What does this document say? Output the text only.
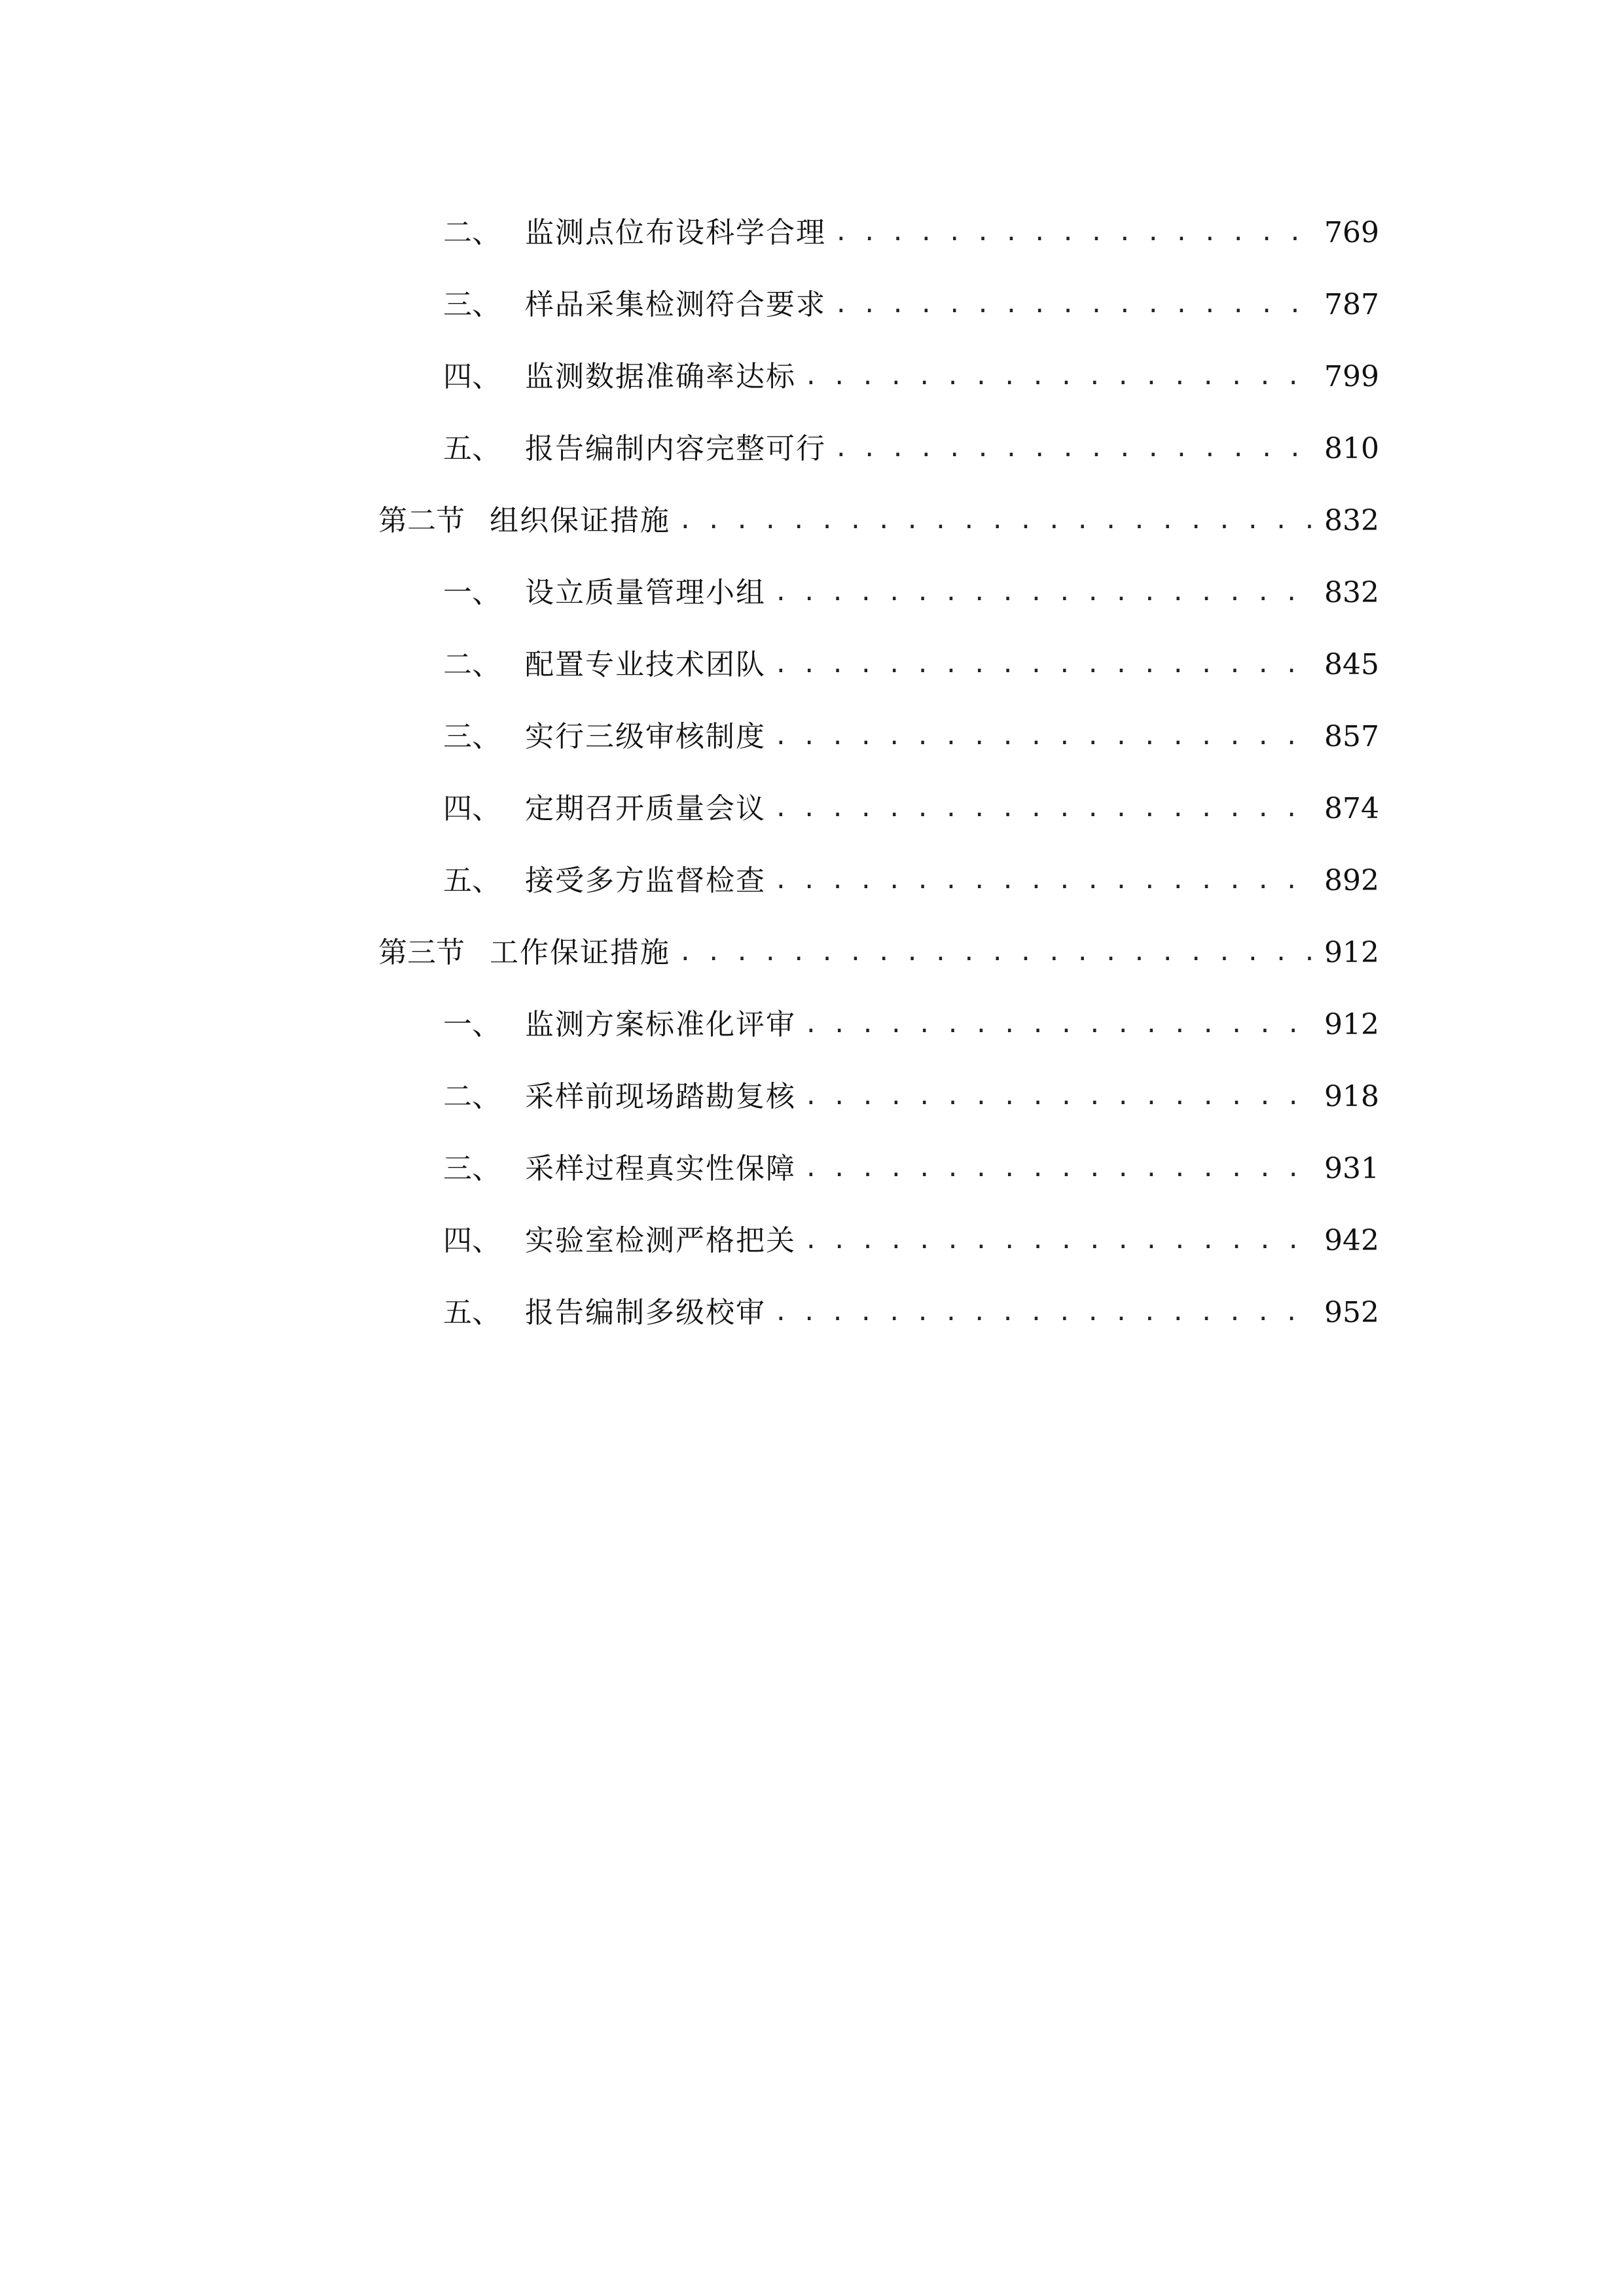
二、 监测点位布设科学合理 . . .	769
三、 样品采集检测符合要求 . . .	787
四、 监测数据准确率达标 . . .	799
五、 报告编制内容完整可行 . . .	810
第二节 组织保证措施 . . .	832
一、 设立质量管理小组 . . .	832
二、 配置专业技术团队 . . .	845
三、 实行三级审核制度 . . .	857
四、 定期召开质量会议 . . .	874
五、 接受多方监督检查 . . .	892
第三节 工作保证措施 . . .	912
一、 监测方案标准化评审 . . .	912
二、 采样前现场踏勘复核 . . .	918
三、 采样过程真实性保障 . . .	931
四、 实验室检测严格把关 . . .	942
五、 报告编制多级校审 . . .	952
